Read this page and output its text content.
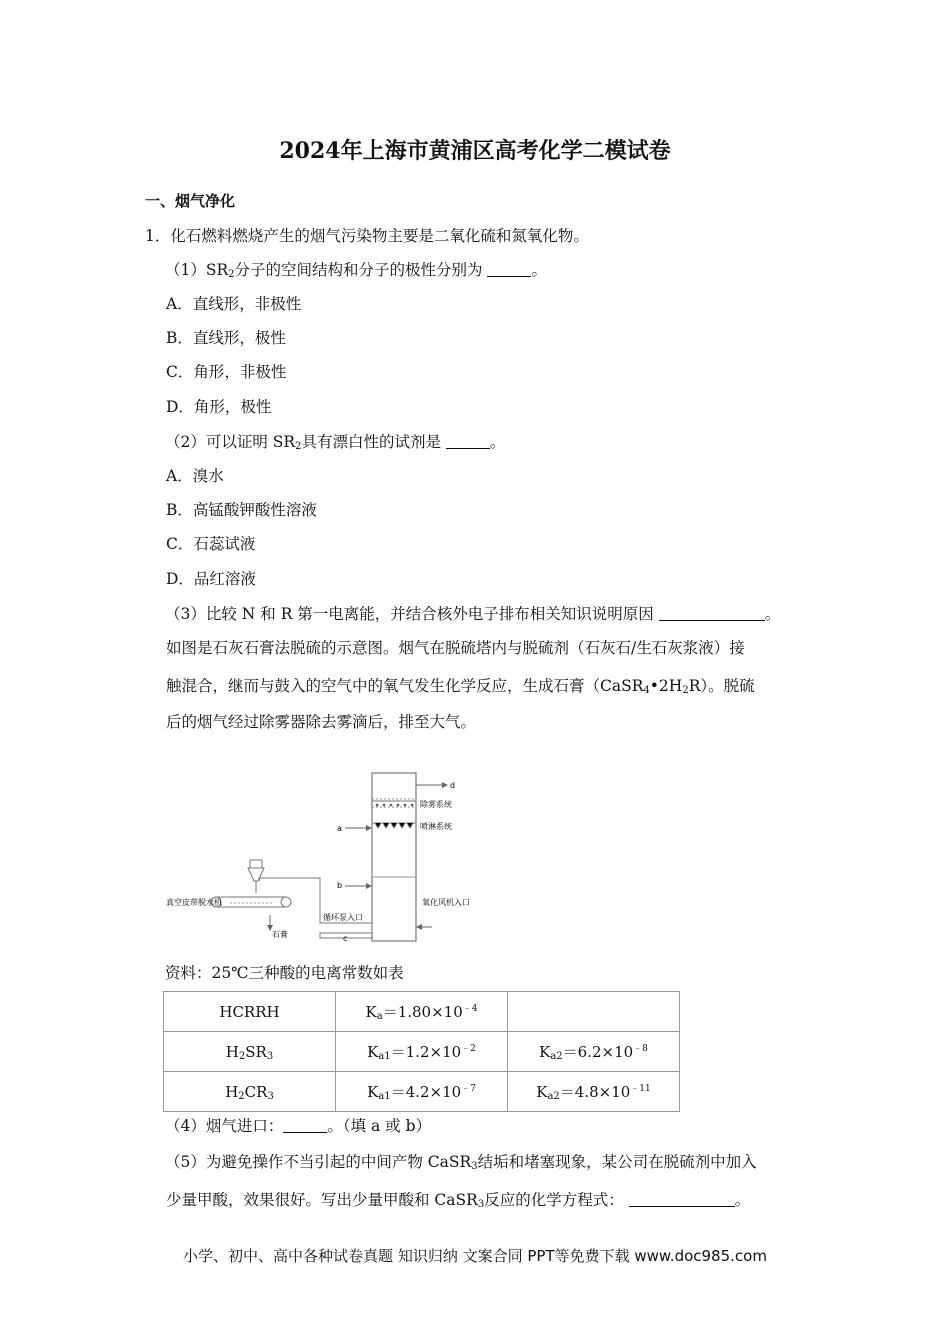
2024年上海市黄浦区高考化学二模试卷
一、烟气净化
1．化石燃料燃烧产生的烟气污染物主要是二氧化硫和氮氧化物。
$(1)SR_2$分子的空间结构和分子的极性分别为	。
A．直线形，非极性
B．直线形，极性
C．角形，非极性
D．角形，极性
（2）可以证明 $SR_2$具有漂白性的试剂是	。
A．溴水
B．高锰酸钾酸性溶液
C．石蕊试液
D．品红溶液
（3）比较 N 和 R 第一电离能，并结合核外电子排布相关知识说明原因	。
如图是石灰石膏法脱硫的示意图。烟气在脱硫塔内与脱硫剂（石灰石/生石灰浆液）接
触混合，继而与鼓入的空气中的氧气发生化学反应，生成石膏$(CaSR_4•2H_2R)$。脱硫
后的烟气经过除雾器除去雾滴后，排至大气。
d
除雾系统
喷淋系统
a
b
循环泵入口
c
氧化风机入口
真空皮带脱水机
石膏
资料：25℃三种酸的电离常数如表
HCRRH	$K_a=1.80\times 10^{﹣4}$	
$H_2SR_3$	$K_{a1}=1.2\times 10^{﹣2}$	$K_{a2}=6.2\times 10^{﹣8}$
$H_2CR_3$	$K_{a1}=4.2\times 10^{﹣7}$	$K_{a2}=4.8\times 10^{﹣11}$
（4）烟气进口：	。（填 a 或 b）
（5）为避免操作不当引起的中间产物 CaSR$_3$结垢和堵塞现象，某公司在脱硫剂中加入
少量甲酸，效果很好。写出少量甲酸和 CaSR$_3$反应的化学方程式：	。
小学、初中、高中各种试卷真题 知识归纳 文案合同 PPT等免费下载 www.doc985.com
